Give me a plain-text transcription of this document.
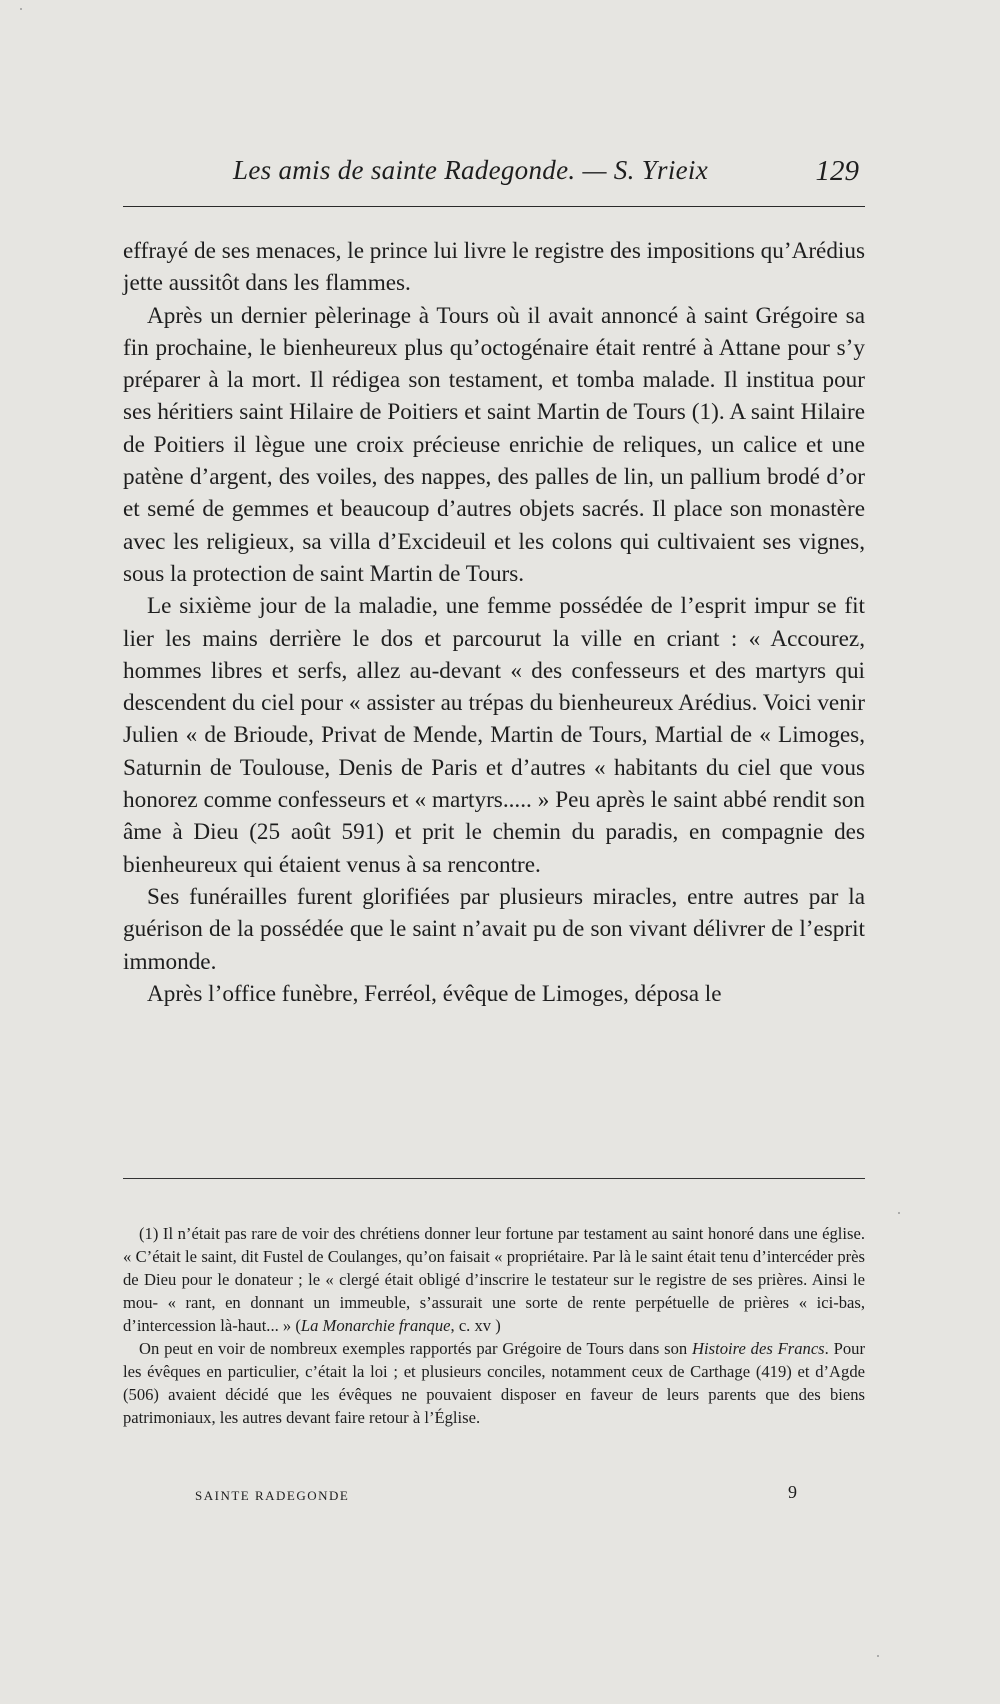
Les amis de sainte Radegonde. — S. Yrieix	129

effrayé de ses menaces, le prince lui livre le registre des impositions qu’Arédius jette aussitôt dans les flammes.

Après un dernier pèlerinage à Tours où il avait annoncé à saint Grégoire sa fin prochaine, le bienheureux plus qu’octogénaire était rentré à Attane pour s’y préparer à la mort. Il rédigea son testament, et tomba malade. Il institua pour ses héritiers saint Hilaire de Poitiers et saint Martin de Tours (1). A saint Hilaire de Poitiers il lègue une croix précieuse enrichie de reliques, un calice et une patène d’argent, des voiles, des nappes, des palles de lin, un pallium brodé d’or et semé de gemmes et beaucoup d’autres objets sacrés. Il place son monastère avec les religieux, sa villa d’Excideuil et les colons qui cultivaient ses vignes, sous la protection de saint Martin de Tours.

Le sixième jour de la maladie, une femme possédée de l’esprit impur se fit lier les mains derrière le dos et parcourut la ville en criant : « Accourez, hommes libres et serfs, allez au-devant « des confesseurs et des martyrs qui descendent du ciel pour « assister au trépas du bienheureux Arédius. Voici venir Julien « de Brioude, Privat de Mende, Martin de Tours, Martial de « Limoges, Saturnin de Toulouse, Denis de Paris et d’autres « habitants du ciel que vous honorez comme confesseurs et « martyrs..... » Peu après le saint abbé rendit son âme à Dieu (25 août 591) et prit le chemin du paradis, en compagnie des bienheureux qui étaient venus à sa rencontre.

Ses funérailles furent glorifiées par plusieurs miracles, entre autres par la guérison de la possédée que le saint n’avait pu de son vivant délivrer de l’esprit immonde.

Après l’office funèbre, Ferréol, évêque de Limoges, déposa le

(1) Il n’était pas rare de voir des chrétiens donner leur fortune par testament au saint honoré dans une église. « C’était le saint, dit Fustel de Coulanges, qu’on faisait « propriétaire. Par là le saint était tenu d’intercéder près de Dieu pour le donateur ; le « clergé était obligé d’inscrire le testateur sur le registre de ses prières. Ainsi le mou- « rant, en donnant un immeuble, s’assurait une sorte de rente perpétuelle de prières « ici-bas, d’intercession là-haut... » (La Monarchie franque, c. xv )

On peut en voir de nombreux exemples rapportés par Grégoire de Tours dans son Histoire des Francs. Pour les évêques en particulier, c’était la loi ; et plusieurs conciles, notamment ceux de Carthage (419) et d’Agde (506) avaient décidé que les évêques ne pouvaient disposer en faveur de leurs parents que des biens patrimoniaux, les autres devant faire retour à l’Église.

SAINTE RADEGONDE	9
